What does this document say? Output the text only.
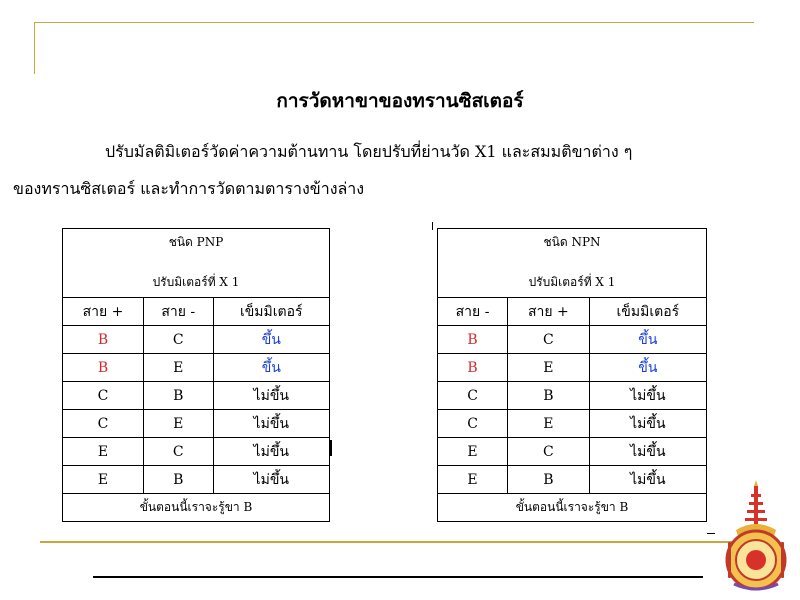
การวัดหาขาของทรานซิสเตอร์
ปรับมัลติมิเตอร์วัดค่าความต้านทาน โดยปรับที่ย่านวัด X1 และสมมติขาต่าง ๆ
ของทรานซิสเตอร์ และทำการวัดตามตารางข้างล่าง
ชนิด PNP
ปรับมิเตอร์ที่ X 1		

สาย +	สาย -	เข็มมิเตอร์
B	C	ขึ้น
B	E	ขึ้น
C	B	ไม่ขึ้น
C	E	ไม่ขึ้น
E	C	ไม่ขึ้น
E	B	ไม่ขึ้น
ขั้นตอนนี้เราจะรู้ขา B		
ชนิด NPN
ปรับมิเตอร์ที่ X 1		

สาย -	สาย +	เข็มมิเตอร์
B	C	ขึ้น
B	E	ขึ้น
C	B	ไม่ขึ้น
C	E	ไม่ขึ้น
E	C	ไม่ขึ้น
E	B	ไม่ขึ้น
ขั้นตอนนี้เราจะรู้ขา B		
